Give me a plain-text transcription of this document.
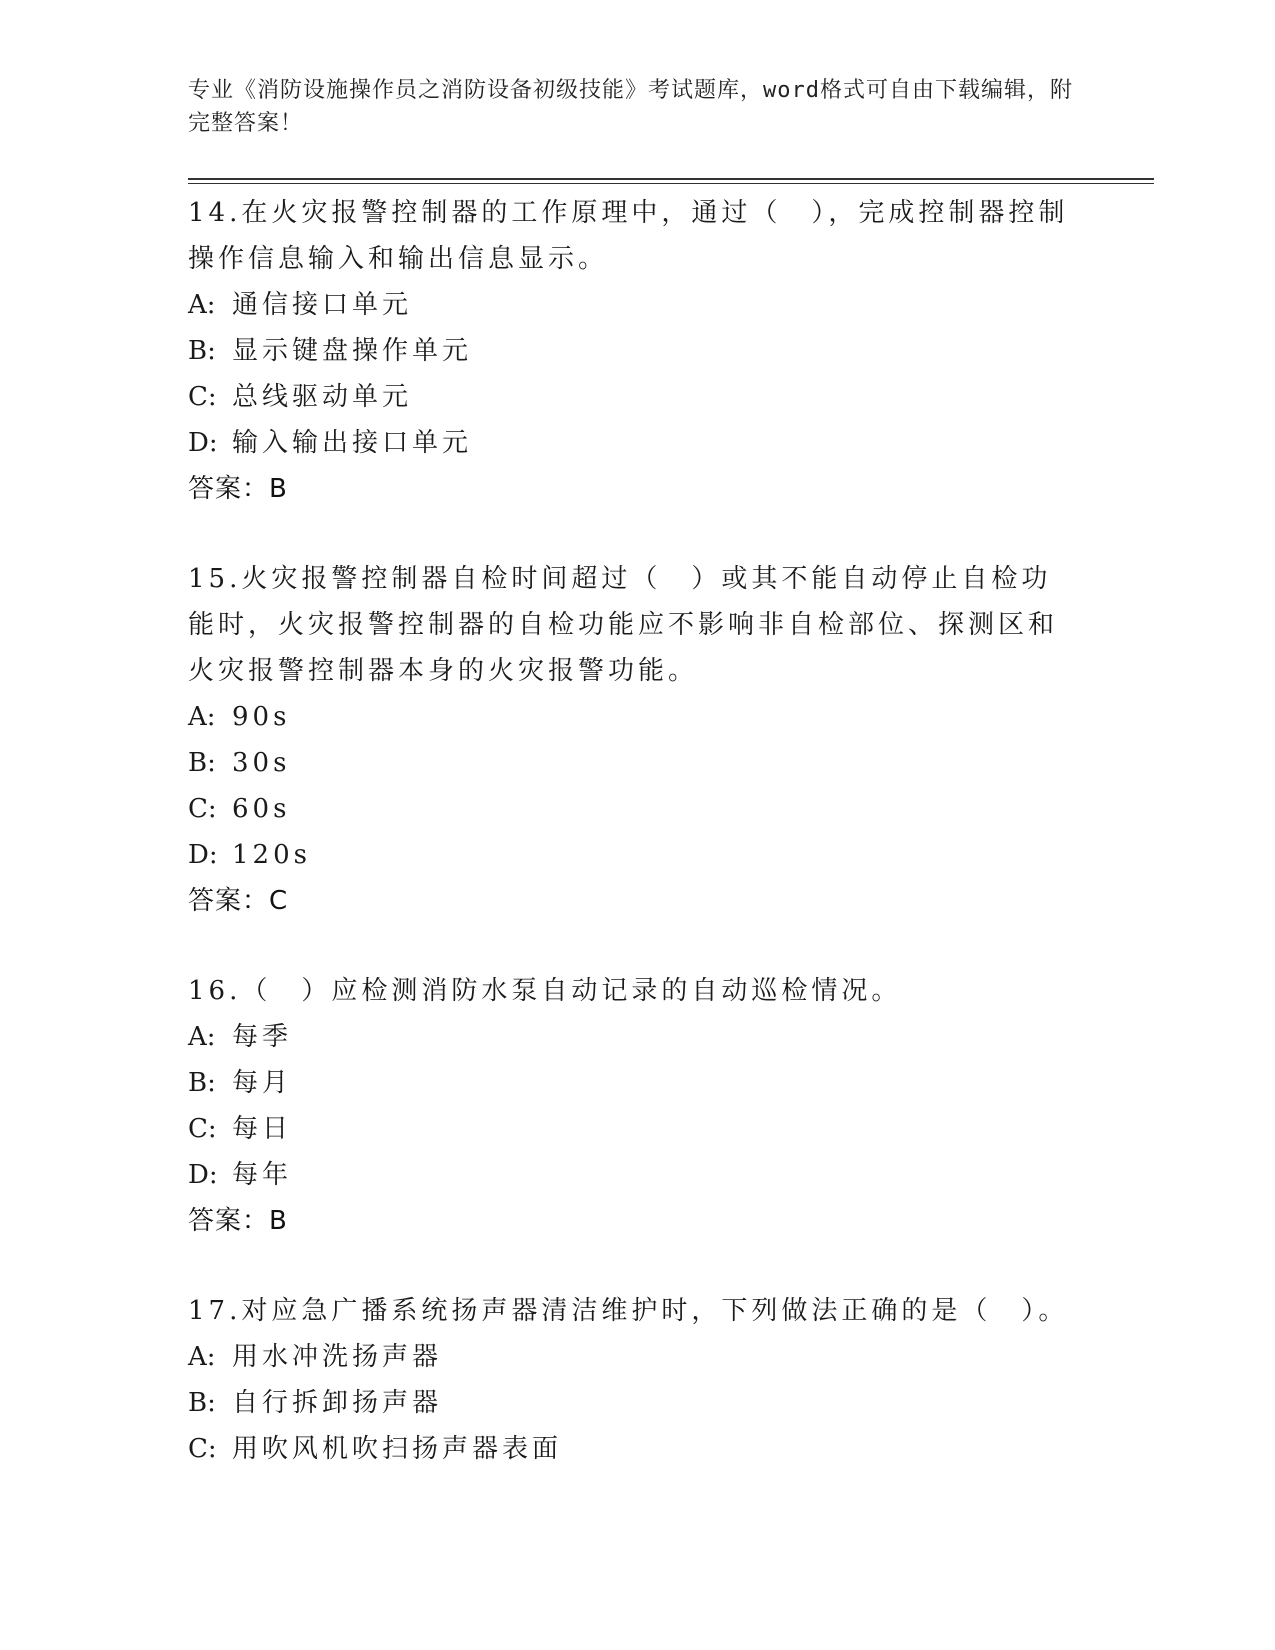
专业《消防设施操作员之消防设备初级技能》考试题库，word格式可自由下载编辑，附完整答案！
14.在火灾报警控制器的工作原理中，通过（　），完成控制器控制操作信息输入和输出信息显示。
A: 通信接口单元
B: 显示键盘操作单元
C: 总线驱动单元
D: 输入输出接口单元
答案：B
15.火灾报警控制器自检时间超过（　）或其不能自动停止自检功能时，火灾报警控制器的自检功能应不影响非自检部位、探测区和火灾报警控制器本身的火灾报警功能。
A: 90s
B: 30s
C: 60s
D: 120s
答案：C
16.（　）应检测消防水泵自动记录的自动巡检情况。
A: 每季
B: 每月
C: 每日
D: 每年
答案：B
17.对应急广播系统扬声器清洁维护时，下列做法正确的是（　）。
A: 用水冲洗扬声器
B: 自行拆卸扬声器
C: 用吹风机吹扫扬声器表面
